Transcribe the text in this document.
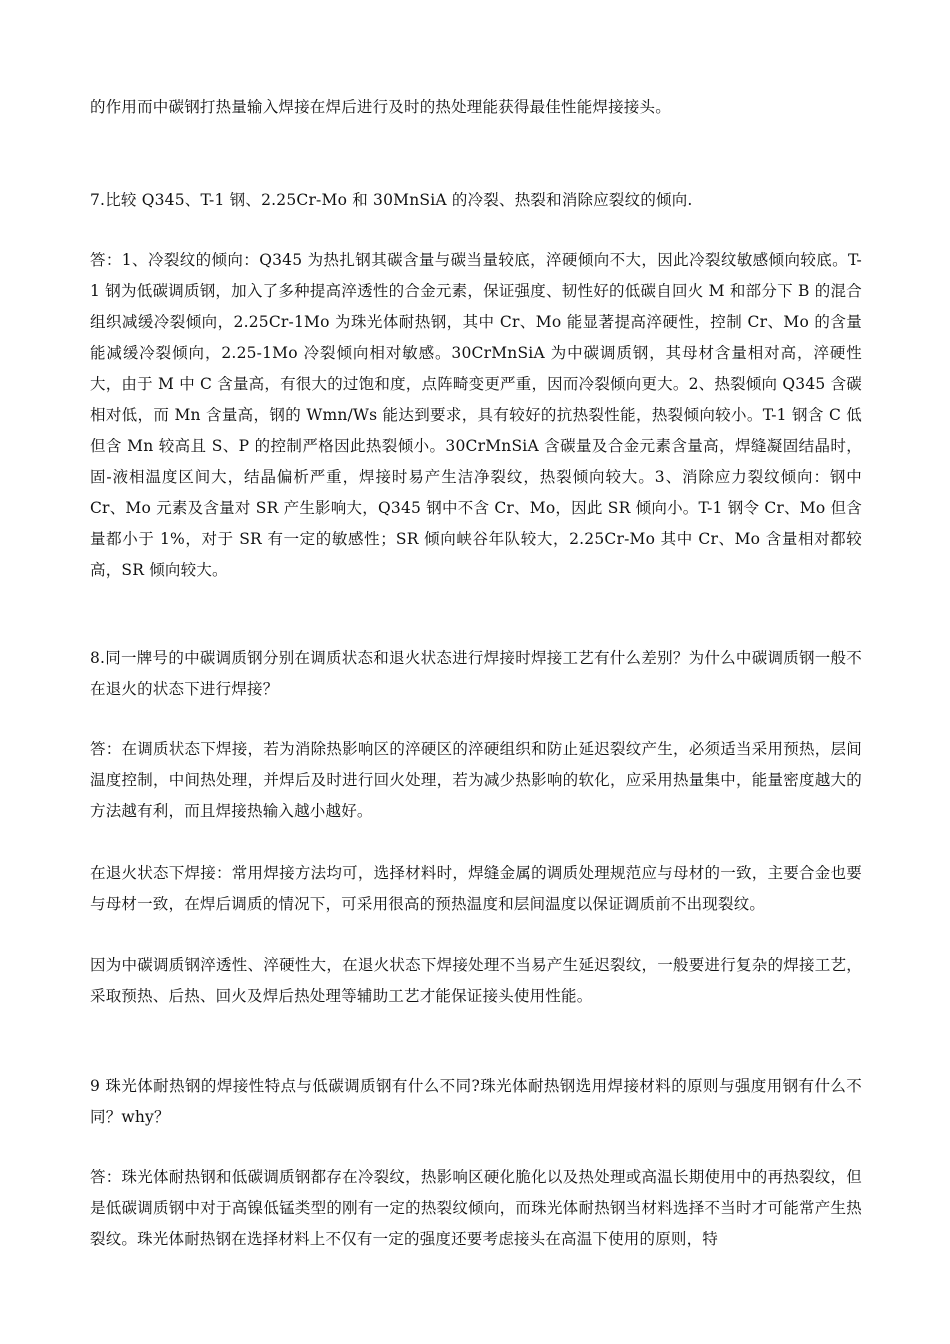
的作用而中碳钢打热量输入焊接在焊后进行及时的热处理能获得最佳性能焊接接头。

7.比较 Q345、T-1 钢、2.25Cr-Mo 和 30MnSiA 的冷裂、热裂和消除应裂纹的倾向.

答：1、冷裂纹的倾向：Q345 为热扎钢其碳含量与碳当量较底，淬硬倾向不大，因此冷裂纹敏感倾向较底。T-1 钢为低碳调质钢，加入了多种提高淬透性的合金元素，保证强度、韧性好的低碳自回火 M 和部分下 B 的混合组织减缓冷裂倾向，2.25Cr-1Mo 为珠光体耐热钢，其中 Cr、Mo 能显著提高淬硬性，控制 Cr、Mo 的含量能减缓冷裂倾向，2.25-1Mo 冷裂倾向相对敏感。30CrMnSiA 为中碳调质钢，其母材含量相对高，淬硬性大，由于 M 中 C 含量高，有很大的过饱和度，点阵畸变更严重，因而冷裂倾向更大。2、热裂倾向 Q345 含碳相对低，而 Mn 含量高，钢的 Wmn/Ws 能达到要求，具有较好的抗热裂性能，热裂倾向较小。T-1 钢含 C 低但含 Mn 较高且 S、P 的控制严格因此热裂倾小。30CrMnSiA 含碳量及合金元素含量高，焊缝凝固结晶时，固-液相温度区间大，结晶偏析严重，焊接时易产生洁净裂纹，热裂倾向较大。3、消除应力裂纹倾向：钢中 Cr、Mo 元素及含量对 SR 产生影响大，Q345 钢中不含 Cr、Mo，因此 SR 倾向小。T-1 钢令 Cr、Mo 但含量都小于 1%，对于 SR 有一定的敏感性；SR 倾向峡谷年队较大，2.25Cr-Mo 其中 Cr、Mo 含量相对都较高，SR 倾向较大。

8.同一牌号的中碳调质钢分别在调质状态和退火状态进行焊接时焊接工艺有什么差别？为什么中碳调质钢一般不在退火的状态下进行焊接？

答：在调质状态下焊接，若为消除热影响区的淬硬区的淬硬组织和防止延迟裂纹产生，必须适当采用预热，层间温度控制，中间热处理，并焊后及时进行回火处理，若为减少热影响的软化，应采用热量集中，能量密度越大的方法越有利，而且焊接热输入越小越好。

在退火状态下焊接：常用焊接方法均可，选择材料时，焊缝金属的调质处理规范应与母材的一致，主要合金也要与母材一致，在焊后调质的情况下，可采用很高的预热温度和层间温度以保证调质前不出现裂纹。

因为中碳调质钢淬透性、淬硬性大，在退火状态下焊接处理不当易产生延迟裂纹，一般要进行复杂的焊接工艺，采取预热、后热、回火及焊后热处理等辅助工艺才能保证接头使用性能。

9 珠光体耐热钢的焊接性特点与低碳调质钢有什么不同?珠光体耐热钢选用焊接材料的原则与强度用钢有什么不同？why？

答：珠光体耐热钢和低碳调质钢都存在冷裂纹，热影响区硬化脆化以及热处理或高温长期使用中的再热裂纹，但是低碳调质钢中对于高镍低锰类型的刚有一定的热裂纹倾向，而珠光体耐热钢当材料选择不当时才可能常产生热裂纹。珠光体耐热钢在选择材料上不仅有一定的强度还要考虑接头在高温下使用的原则，特
